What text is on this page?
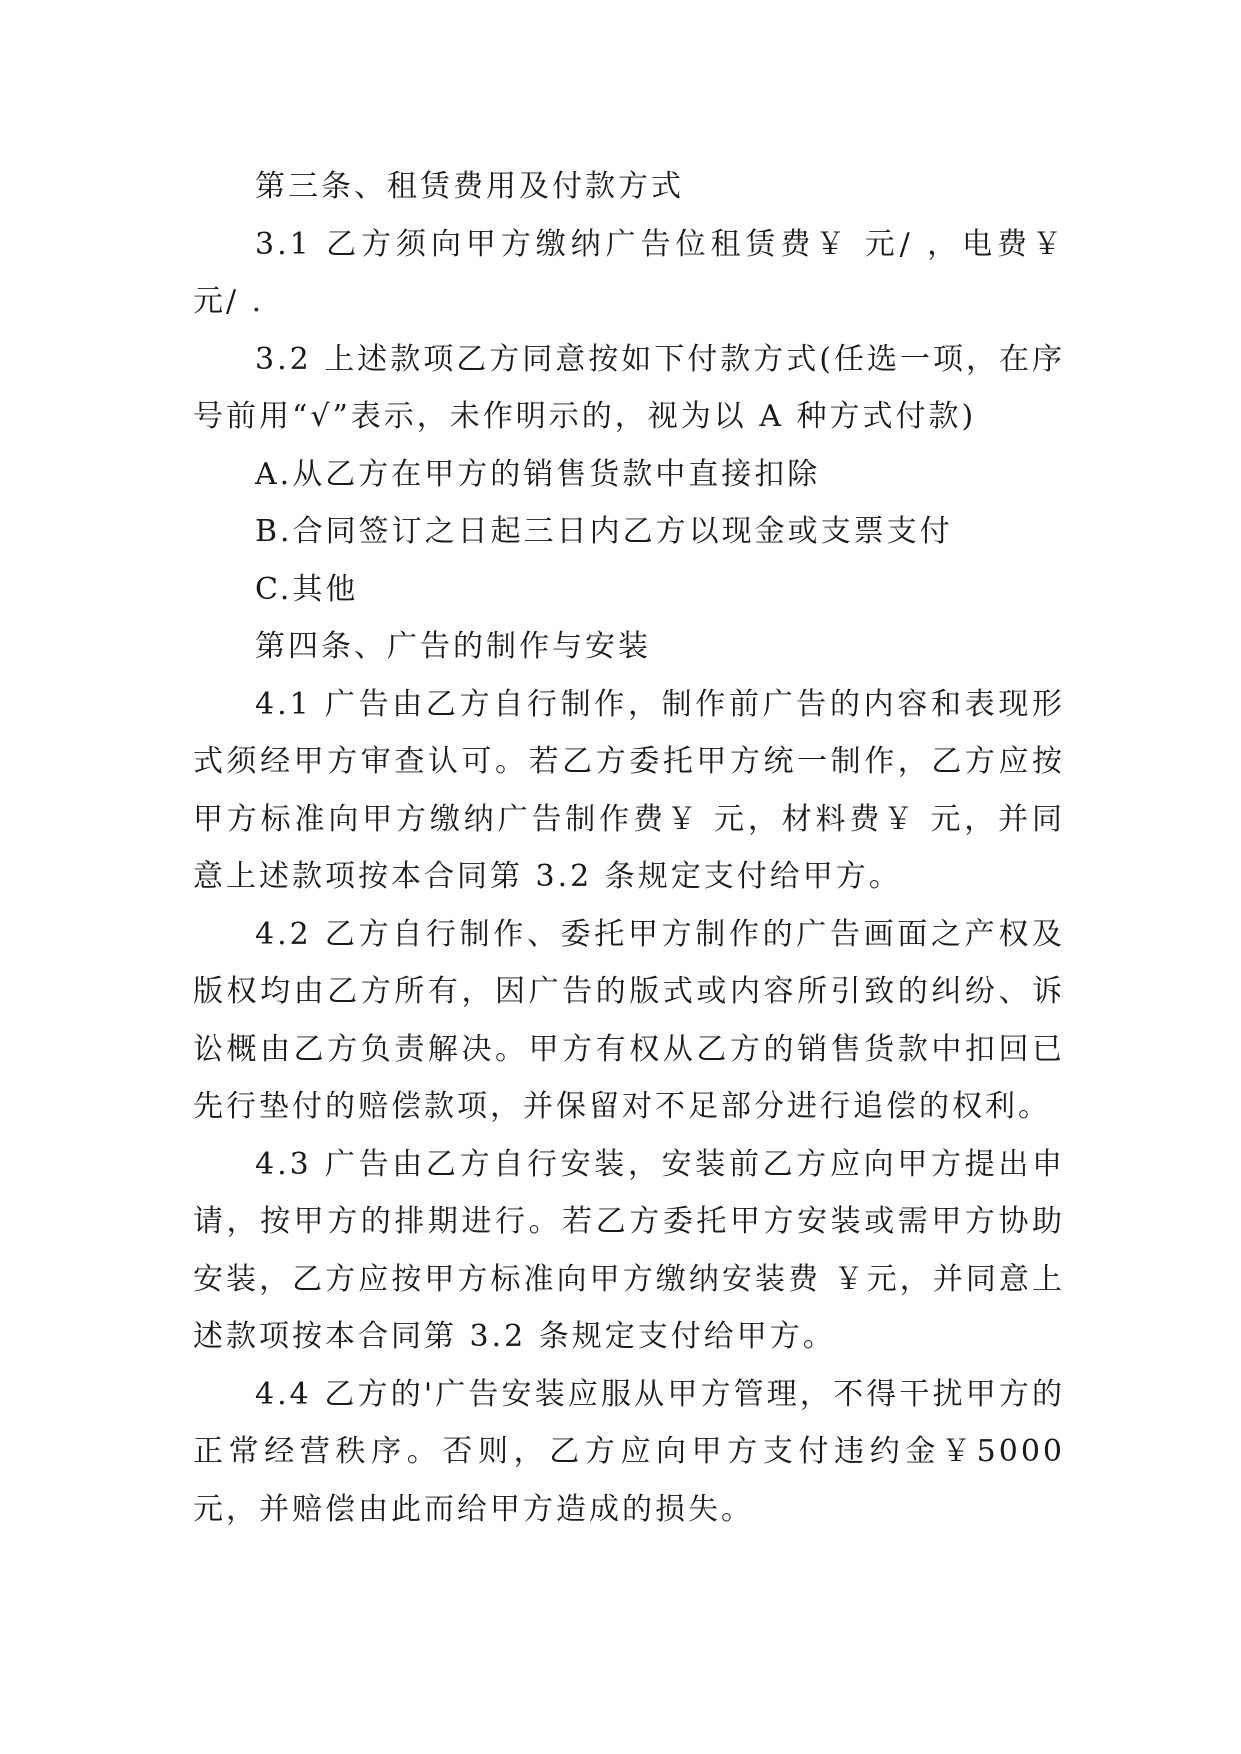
第三条、租赁费用及付款方式

3.1 乙方须向甲方缴纳广告位租赁费￥ 元/ ，电费￥ 元/ .

3.2 上述款项乙方同意按如下付款方式(任选一项，在序号前用“√”表示，未作明示的，视为以 A 种方式付款)

A.从乙方在甲方的销售货款中直接扣除

B.合同签订之日起三日内乙方以现金或支票支付

C.其他

第四条、广告的制作与安装

4.1 广告由乙方自行制作，制作前广告的内容和表现形式须经甲方审查认可。若乙方委托甲方统一制作，乙方应按甲方标准向甲方缴纳广告制作费￥ 元，材料费￥ 元，并同意上述款项按本合同第 3.2 条规定支付给甲方。

4.2 乙方自行制作、委托甲方制作的广告画面之产权及版权均由乙方所有，因广告的版式或内容所引致的纠纷、诉讼概由乙方负责解决。甲方有权从乙方的销售货款中扣回已先行垫付的赔偿款项，并保留对不足部分进行追偿的权利。

4.3 广告由乙方自行安装，安装前乙方应向甲方提出申请，按甲方的排期进行。若乙方委托甲方安装或需甲方协助安装，乙方应按甲方标准向甲方缴纳安装费 ￥元，并同意上述款项按本合同第 3.2 条规定支付给甲方。

4.4 乙方的'广告安装应服从甲方管理，不得干扰甲方的正常经营秩序。否则，乙方应向甲方支付违约金￥5000 元，并赔偿由此而给甲方造成的损失。
